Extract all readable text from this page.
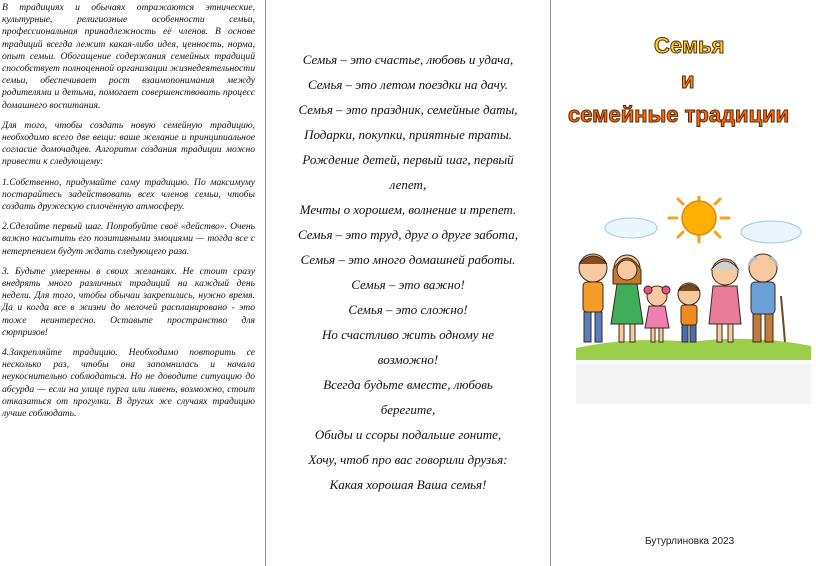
В традициях и обычаях отражаются этнические, культурные, религиозные особенности семьи, профессиональная принадлежность её членов. В основе традиций всегда лежит какая-либо идея, ценность, норма, опыт семьи. Обогащение содержания семейных традиций способствует полноценной организации жизнедеятельности семьи, обеспечивает рост взаимопонимания между родителями и детьми, помогает совершенствовать процесс домашнего воспитания.

Для того, чтобы создать новую семейную традицию, необходимо всего две вещи: ваше желание и принципиальное согласие домочадцев. Алгоритм создания традиции можно привести к следующему:

1.Собственно, придумайте саму традицию. По максимуму постарайтесь задействовать всех членов семьи, чтобы создать дружескую сплочённую атмосферу.

2.Сделайте первый шаг. Попробуйте своё «действо». Очень важно насытить его позитивными эмоциями — тогда все с нетерпением будут ждать следующего раза.

3. Будьте умеренны в своих желаниях. Не стоит сразу внедрять много различных традиций на каждый день недели. Для того, чтобы обычаи закрепились, нужно время. Да и когда все в жизни до мелочей распланировано - это тоже неинтересно. Оставьте пространство для сюрпризов!

4.Закрепляйте традицию. Необходимо повторить се несколько раз, чтобы она запомнилась и начала неукоснительно соблюдаться. Но не доводите ситуацию до абсурда — если на улице пурга или ливень, возможно, стоит отказаться от прогулки. В других же случаях традицию лучше соблюдать.

Семья – это счастье, любовь и удача,

Семья – это летом поездки на дачу.

Семья – это праздник, семейные даты,

Подарки, покупки, приятные траты.

Рождение детей, первый шаг, первый

лепет,

Мечты о хорошем, волнение и трепет.

Семья – это труд, друг о друге забота,

Семья – это много домашней работы.

Семья – это важно!

Семья – это сложно!

Но счастливо жить одному не

возможно!

Всегда будьте вместе, любовь

берегите,

Обиды и ссоры подальше гоните,

Хочу, чтоб про вас говорили друзья:

Какая хорошая Ваша семья!

Семья
и
семейные традиции
Бутурлиновка 2023
